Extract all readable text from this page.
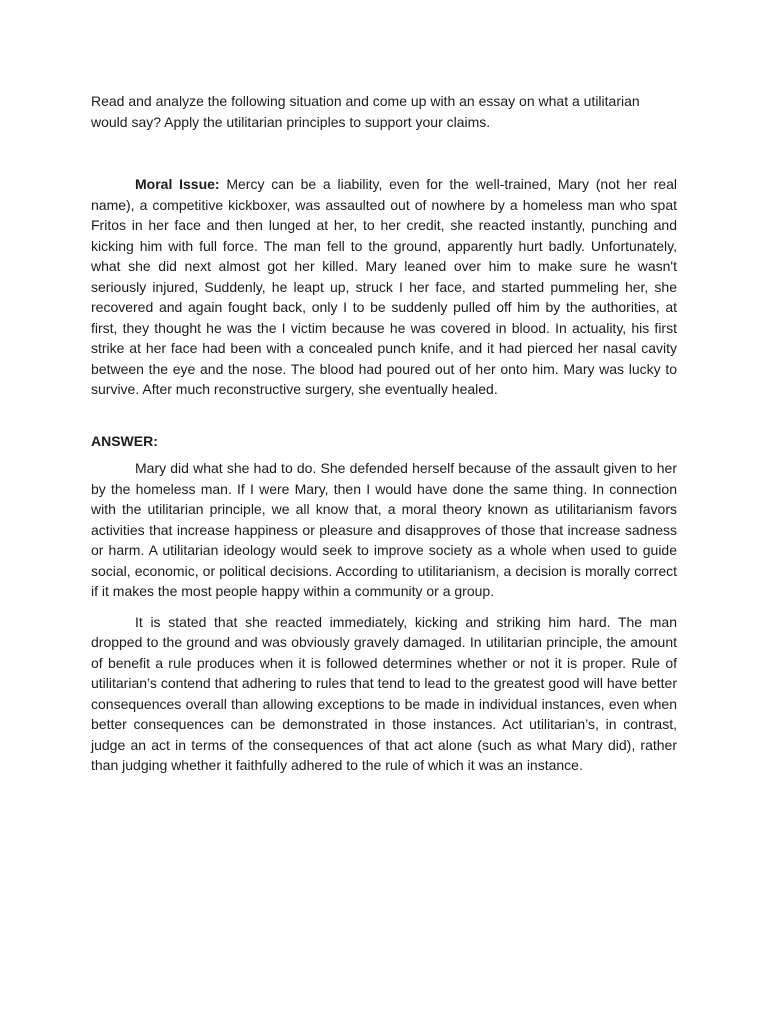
Read and analyze the following situation and come up with an essay on what a utilitarian would say? Apply the utilitarian principles to support your claims.

Moral Issue: Mercy can be a liability, even for the well-trained, Mary (not her real name), a competitive kickboxer, was assaulted out of nowhere by a homeless man who spat Fritos in her face and then lunged at her, to her credit, she reacted instantly, punching and kicking him with full force. The man fell to the ground, apparently hurt badly. Unfortunately, what she did next almost got her killed. Mary leaned over him to make sure he wasn't seriously injured, Suddenly, he leapt up, struck I her face, and started pummeling her, she recovered and again fought back, only I to be suddenly pulled off him by the authorities, at first, they thought he was the I victim because he was covered in blood. In actuality, his first strike at her face had been with a concealed punch knife, and it had pierced her nasal cavity between the eye and the nose. The blood had poured out of her onto him. Mary was lucky to survive. After much reconstructive surgery, she eventually healed.

ANSWER:

Mary did what she had to do. She defended herself because of the assault given to her by the homeless man. If I were Mary, then I would have done the same thing. In connection with the utilitarian principle, we all know that, a moral theory known as utilitarianism favors activities that increase happiness or pleasure and disapproves of those that increase sadness or harm. A utilitarian ideology would seek to improve society as a whole when used to guide social, economic, or political decisions. According to utilitarianism, a decision is morally correct if it makes the most people happy within a community or a group.

It is stated that she reacted immediately, kicking and striking him hard. The man dropped to the ground and was obviously gravely damaged. In utilitarian principle, the amount of benefit a rule produces when it is followed determines whether or not it is proper. Rule of utilitarian’s contend that adhering to rules that tend to lead to the greatest good will have better consequences overall than allowing exceptions to be made in individual instances, even when better consequences can be demonstrated in those instances. Act utilitarian’s, in contrast, judge an act in terms of the consequences of that act alone (such as what Mary did), rather than judging whether it faithfully adhered to the rule of which it was an instance.
